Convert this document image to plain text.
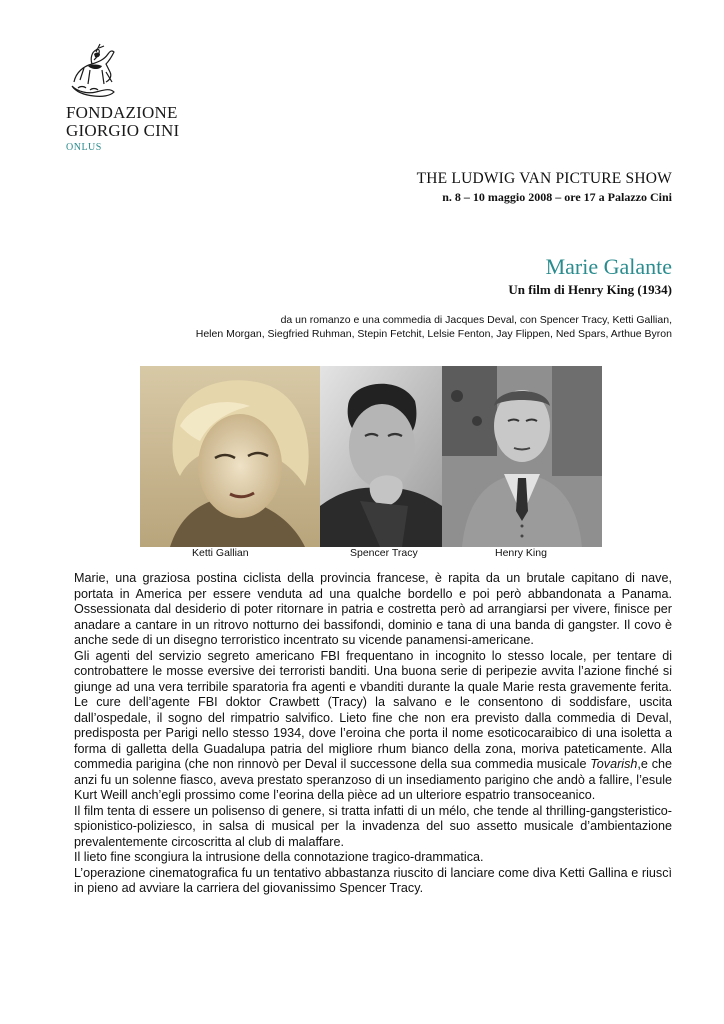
FONDAZIONE
GIORGIO CINI
ONLUS
THE LUDWIG VAN PICTURE SHOW
n. 8 – 10 maggio 2008 – ore 17 a Palazzo Cini
Marie Galante
Un film di Henry King (1934)
da un romanzo e una commedia di Jacques Deval, con Spencer Tracy, Ketti Gallian,
Helen Morgan, Siegfried Ruhman, Stepin Fetchit, Lelsie Fenton, Jay Flippen, Ned Spars, Arthue Byron
Ketti Gallian	Spencer Tracy	Henry King

Marie, una graziosa postina ciclista della provincia francese, è rapita da un brutale capitano di nave, portata in America per essere venduta ad una qualche bordello e poi però abbandonata a Panama. Ossessionata dal desiderio di poter ritornare in patria e costretta però ad arrangiarsi per vivere, finisce per anadare a cantare in un ritrovo notturno dei bassifondi, dominio e tana di una banda di gangster. Il covo è anche sede di un disegno terroristico incentrato su vicende panamensi-americane.

Gli agenti del servizio segreto americano FBI frequentano in incognito lo stesso locale, per tentare di controbattere le mosse eversive dei terroristi banditi. Una buona serie di peripezie avvita l’azione finché si giunge ad una vera terribile sparatoria fra agenti e vbanditi durante la quale Marie resta gravemente ferita. Le cure dell’agente FBI doktor Crawbett (Tracy) la salvano e le consentono di soddisfare, uscita dall’ospedale, il sogno del rimpatrio salvifico. Lieto fine che non era previsto dalla commedia di Deval, predisposta per Parigi nello stesso 1934, dove l’eroina che porta il nome esoticocaraibico di una isoletta a forma di galletta della Guadalupa patria del migliore rhum bianco della zona, moriva pateticamente. Alla commedia parigina (che non rinnovò per Deval il successone della sua commedia musicale Tovarish,e che anzi fu un solenne fiasco, aveva prestato speranzoso di un insediamento parigino che andò a fallire, l’esule Kurt Weill anch’egli prossimo come l’eorina della pièce ad un ulteriore espatrio transoceanico.

Il film tenta di essere un polisenso di genere, si tratta infatti di un mélo, che tende al thrilling-gangsteristico-spionistico-poliziesco, in salsa di musical per la invadenza del suo assetto musicale d’ambientazione prevalentemente circoscritta al club di malaffare.

Il lieto fine scongiura la intrusione della connotazione tragico-drammatica.

L’operazione cinematografica fu un tentativo abbastanza riuscito di lanciare come diva Ketti Gallina e riuscì in pieno ad avviare la carriera del giovanissimo Spencer Tracy.
